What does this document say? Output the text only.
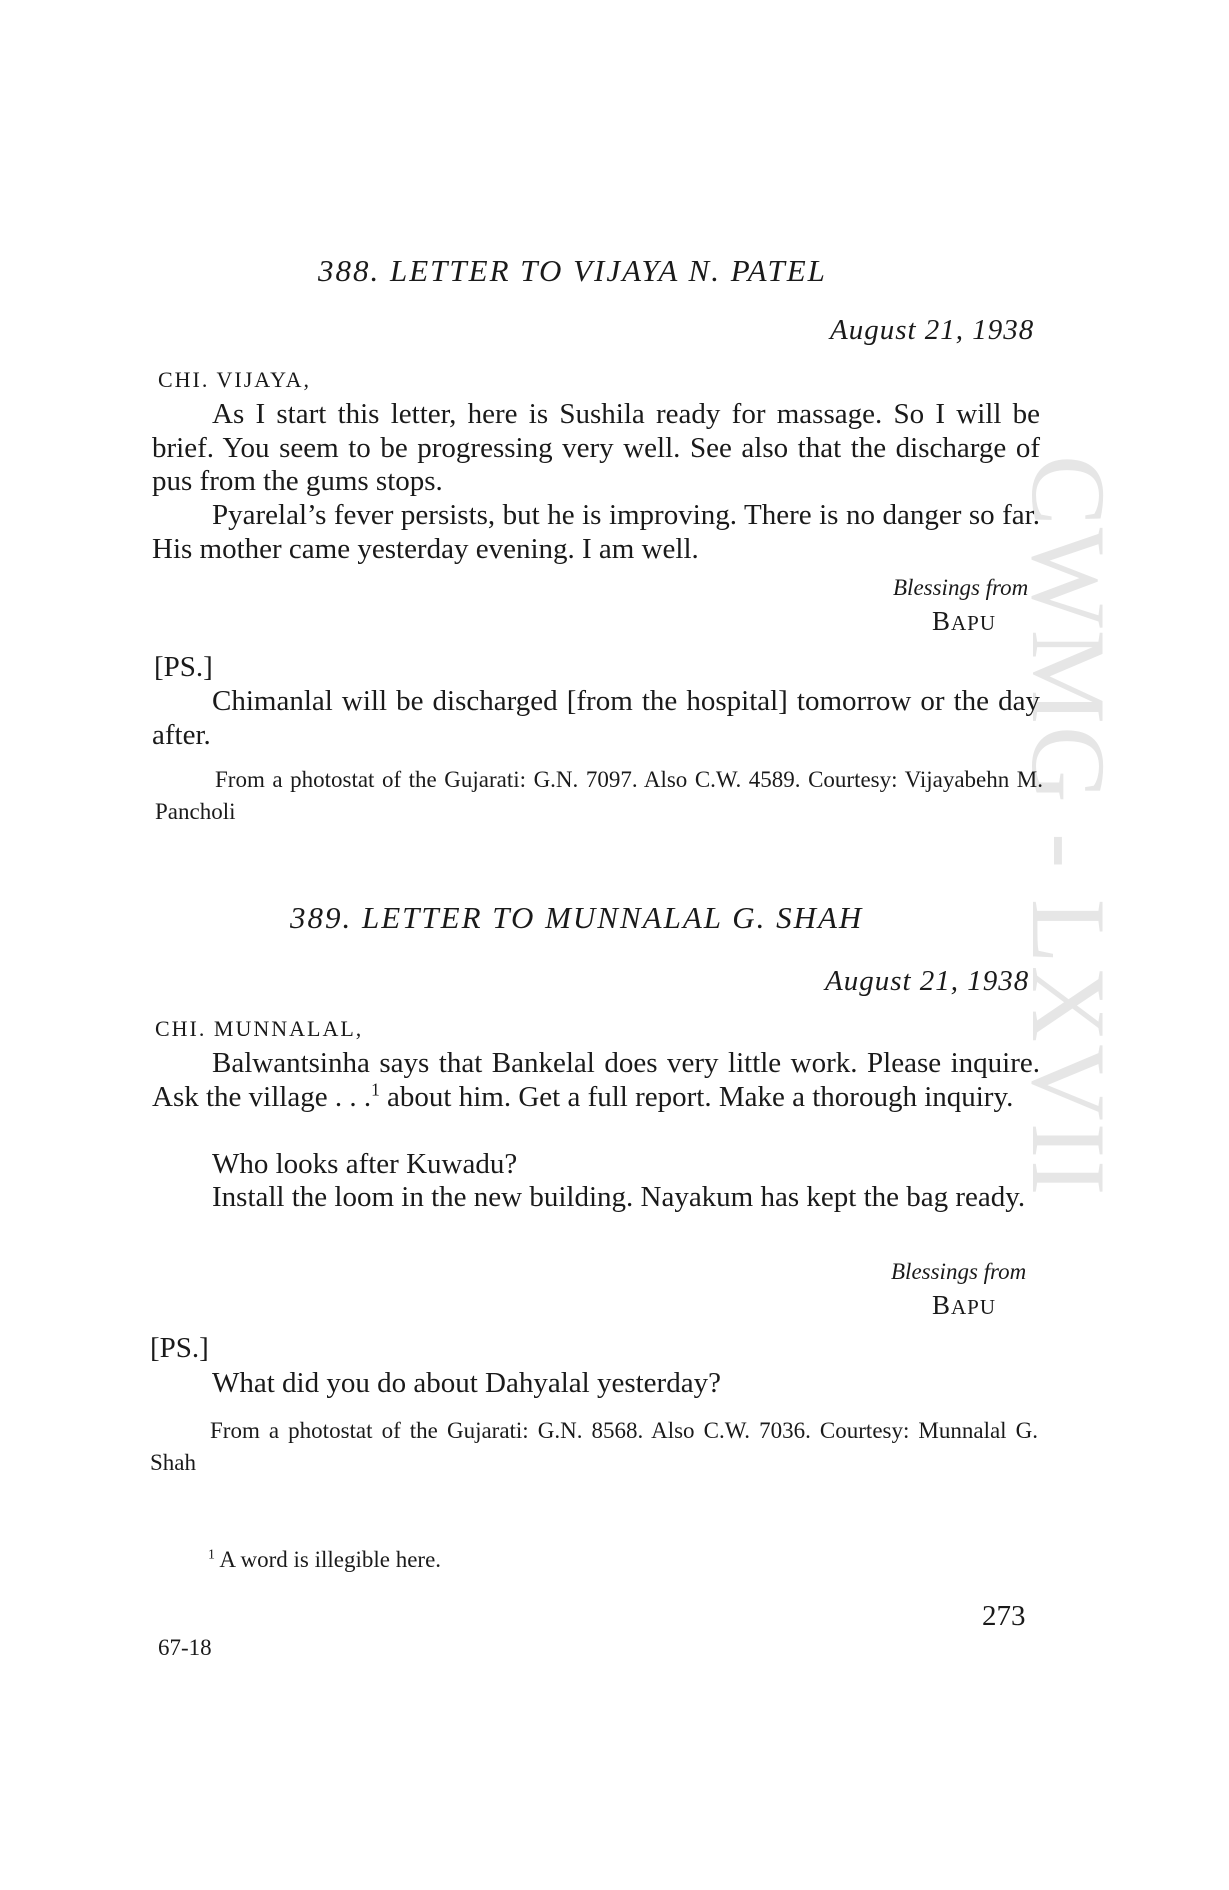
CWMG - LXVII
388. LETTER TO VIJAYA N. PATEL
August 21, 1938
CHI. VIJAYA,
As I start this letter, here is Sushila ready for massage. So I will be brief. You seem to be progressing very well. See also that the discharge of pus from the gums stops.
Pyarelal’s fever persists, but he is improving. There is no danger so far. His mother came yesterday evening. I am well.
Blessings from
BAPU
[PS.]
Chimanlal will be discharged [from the hospital] tomorrow or the day after.
From a photostat of the Gujarati: G.N. 7097. Also C.W. 4589. Courtesy: Vijayabehn M. Pancholi
389. LETTER TO MUNNALAL G. SHAH
August 21, 1938
CHI. MUNNALAL,
Balwantsinha says that Bankelal does very little work. Please inquire. Ask the village . . .$^1$ about him. Get a full report. Make a thorough inquiry.
Who looks after Kuwadu?
Install the loom in the new building. Nayakum has kept the bag ready.
Blessings from
BAPU
[PS.]
What did you do about Dahyalal yesterday?
From a photostat of the Gujarati: G.N. 8568. Also C.W. 7036. Courtesy: Munnalal G. Shah
$^1$ A word is illegible here.
273
67-18
